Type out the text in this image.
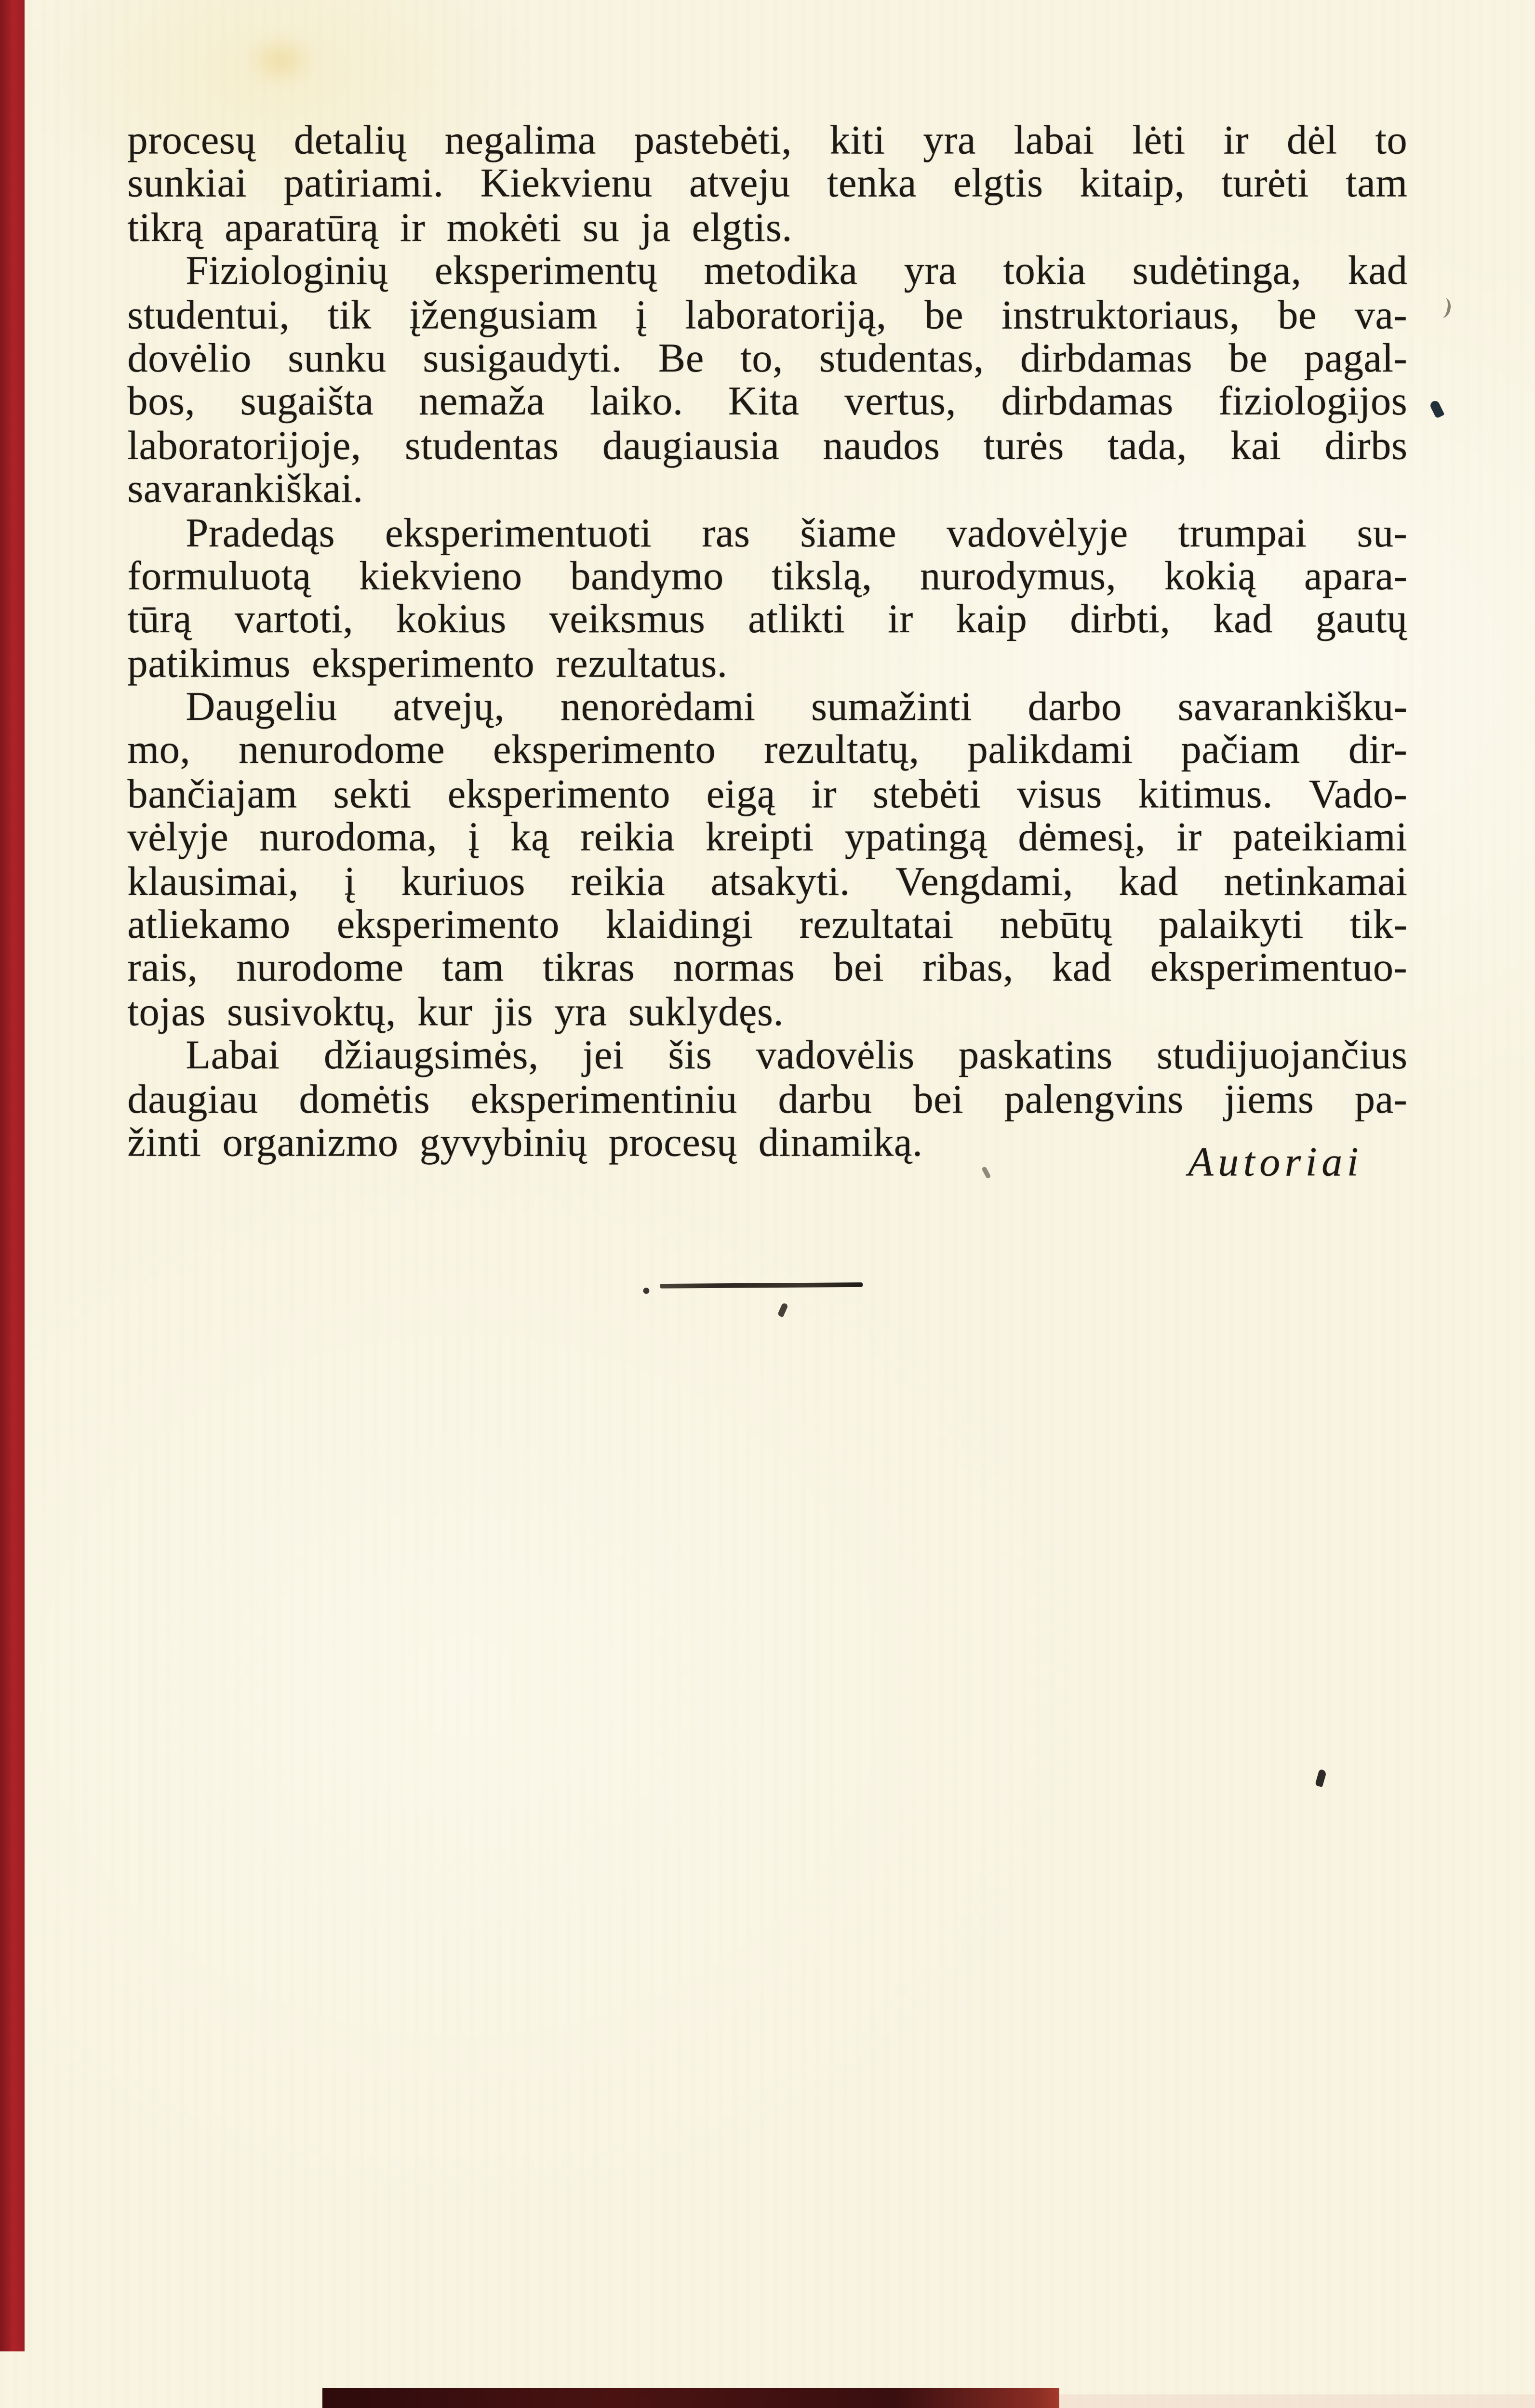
procesų	detalių	negalima	pastebėti,	kiti	yra	labai	lėti	ir	dėl	to
sunkiai	patiriami.	Kiekvienu	atveju	tenka	elgtis	kitaip,	turėti	tam
tikrą aparatūrą ir mokėti su ja elgtis.
Fiziologinių	eksperimentų	metodika	yra	tokia	sudėtinga,	kad
studentui,	tik	įžengusiam	į	laboratoriją,	be	instruktoriaus,	be	va-
dovėlio	sunku	susigaudyti.	Be	to,	studentas,	dirbdamas	be	pagal-
bos,	sugaišta	nemaža	laiko.	Kita	vertus,	dirbdamas	fiziologijos
laboratorijoje,	studentas	daugiausia	naudos	turės	tada,	kai	dirbs
savarankiškai.
Pradedąs	eksperimentuoti	ras	šiame	vadovėlyje	trumpai	su-
formuluotą	kiekvieno	bandymo	tikslą,	nurodymus,	kokią	apara-
tūrą	vartoti,	kokius	veiksmus	atlikti	ir	kaip	dirbti,	kad	gautų
patikimus eksperimento rezultatus.
Daugeliu	atvejų,	nenorėdami	sumažinti	darbo	savarankišku-
mo,	nenurodome	eksperimento	rezultatų,	palikdami	pačiam	dir-
bančiajam	sekti	eksperimento	eigą	ir	stebėti	visus	kitimus.	Vado-
vėlyje nurodoma, į ką reikia kreipti ypatingą dėmesį, ir pateikiami
klausimai,	į	kuriuos	reikia	atsakyti.	Vengdami,	kad	netinkamai
atliekamo	eksperimento	klaidingi	rezultatai	nebūtų	palaikyti	tik-
rais,	nurodome	tam	tikras	normas	bei	ribas,	kad	eksperimentuo-
tojas susivoktų, kur jis yra suklydęs.
Labai	džiaugsimės,	jei	šis	vadovėlis	paskatins	studijuojančius
daugiau	domėtis	eksperimentiniu	darbu	bei	palengvins	jiems	pa-
žinti organizmo gyvybinių procesų dinamiką.	Autoriai
